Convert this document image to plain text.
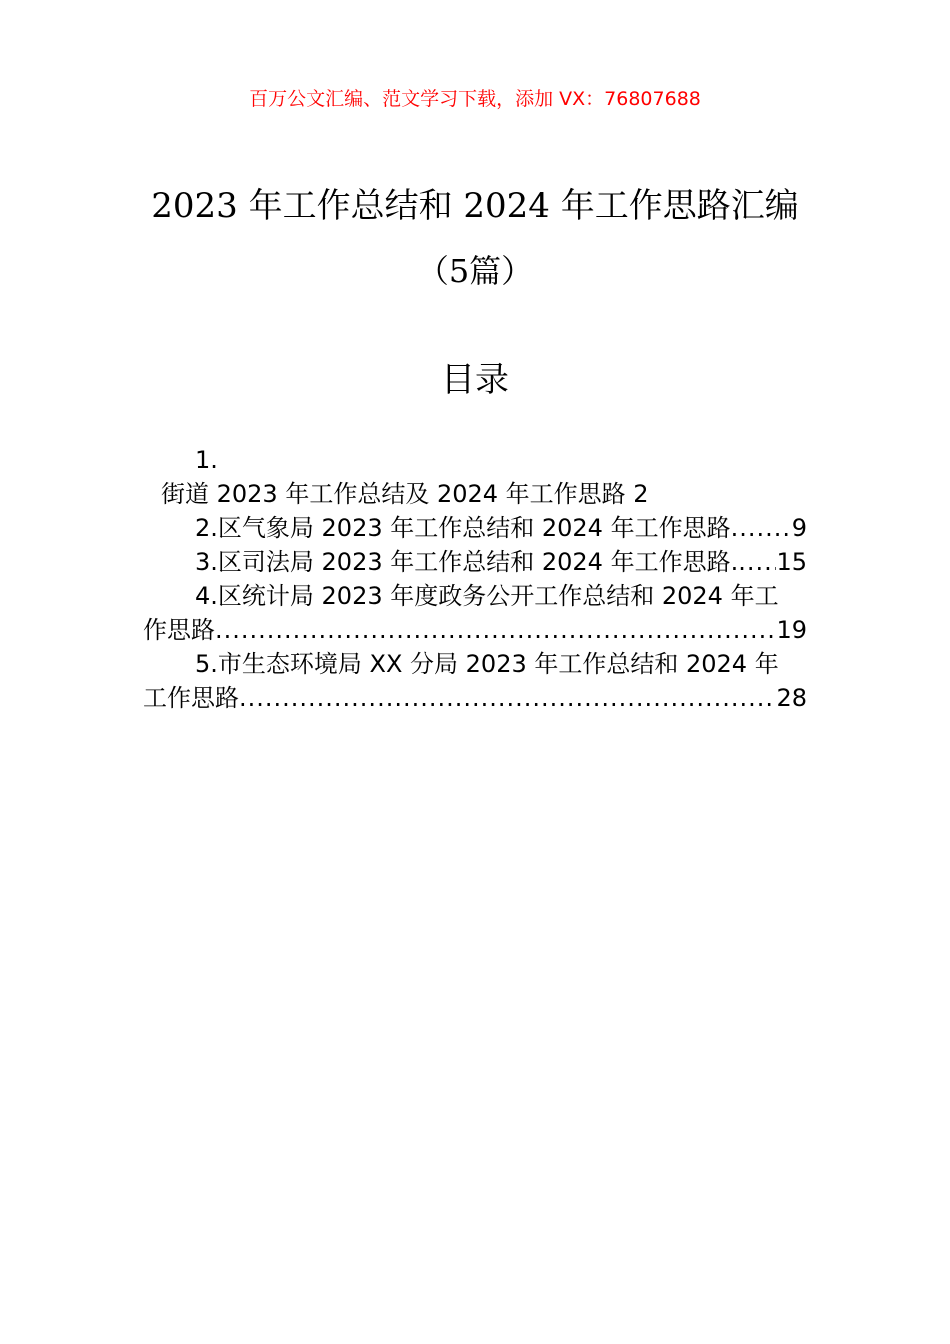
百万公文汇编、范文学习下载，添加 VX：76807688
2023 年工作总结和 2024 年工作思路汇编
（5篇）
目录
1.
街道 2023 年工作总结及 2024 年工作思路 2
2.区气象局 2023 年工作总结和 2024 年工作思路 .....	9
3.区司法局 2023 年工作总结和 2024 年工作思路. ..... 15
4.区统计局 2023 年度政务公开工作总结和 2024 年工
作思路 .....	19
5.市生态环境局 XX 分局 2023 年工作总结和 2024 年
工作思路 .....	28
